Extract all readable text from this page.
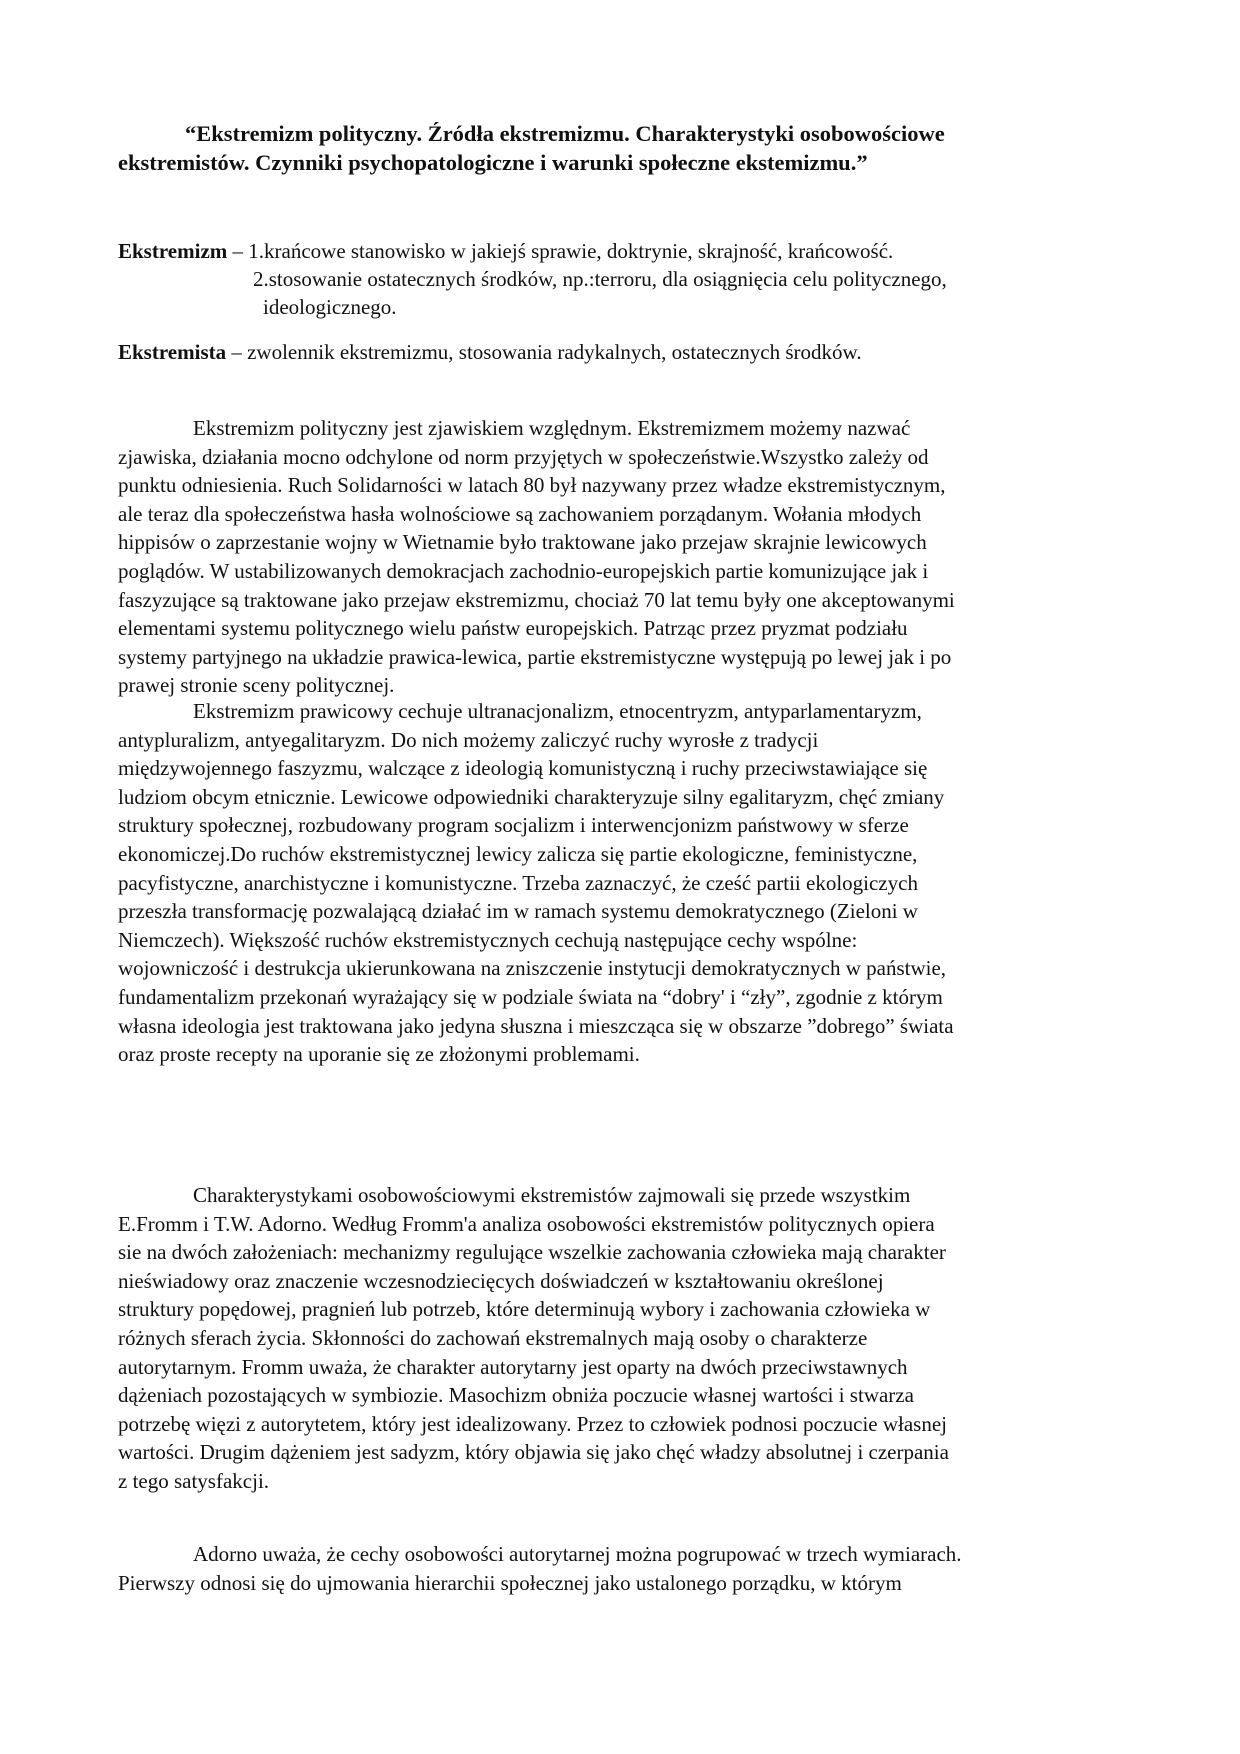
“Ekstremizm polityczny. Źródła ekstremizmu. Charakterystyki osobowościowe
ekstremistów. Czynniki psychopatologiczne i warunki społeczne ekstemizmu.”
Ekstremizm – 1.krańcowe stanowisko w jakiejś sprawie, doktrynie, skrajność, krańcowość.
2.stosowanie ostatecznych środków, np.:terroru, dla osiągnięcia celu politycznego,
ideologicznego.
Ekstremista – zwolennik ekstremizmu, stosowania radykalnych, ostatecznych środków.
Ekstremizm polityczny jest zjawiskiem względnym. Ekstremizmem możemy nazwać
zjawiska, działania mocno odchylone od norm przyjętych w społeczeństwie.Wszystko zależy od
punktu odniesienia. Ruch Solidarności w latach 80 był nazywany przez władze ekstremistycznym,
ale teraz dla społeczeństwa hasła wolnościowe są zachowaniem porządanym. Wołania młodych
hippisów o zaprzestanie wojny w Wietnamie było traktowane jako przejaw skrajnie lewicowych
poglądów. W ustabilizowanych demokracjach zachodnio-europejskich partie komunizujące jak i
faszyzujące są traktowane jako przejaw ekstremizmu, chociaż 70 lat temu były one akceptowanymi
elementami systemu politycznego wielu państw europejskich. Patrząc przez pryzmat podziału
systemy partyjnego na układzie prawica-lewica, partie ekstremistyczne występują po lewej jak i po
prawej stronie sceny politycznej.
Ekstremizm prawicowy cechuje ultranacjonalizm, etnocentryzm, antyparlamentaryzm,
antypluralizm, antyegalitaryzm. Do nich możemy zaliczyć ruchy wyrosłe z tradycji
międzywojennego faszyzmu, walczące z ideologią komunistyczną i ruchy przeciwstawiające się
ludziom obcym etnicznie. Lewicowe odpowiedniki charakteryzuje silny egalitaryzm, chęć zmiany
struktury społecznej, rozbudowany program socjalizm i interwencjonizm państwowy w sferze
ekonomiczej.Do ruchów ekstremistycznej lewicy zalicza się partie ekologiczne, feministyczne,
pacyfistyczne, anarchistyczne i komunistyczne. Trzeba zaznaczyć, że cześć partii ekologiczych
przeszła transformację pozwalającą działać im w ramach systemu demokratycznego (Zieloni w
Niemczech). Większość ruchów ekstremistycznych cechują następujące cechy wspólne:
wojowniczość i destrukcja ukierunkowana na zniszczenie instytucji demokratycznych w państwie,
fundamentalizm przekonań wyrażający się w podziale świata na “dobry' i “zły”, zgodnie z którym
własna ideologia jest traktowana jako jedyna słuszna i mieszcząca się w obszarze ”dobrego” świata
oraz proste recepty na uporanie się ze złożonymi problemami.
Charakterystykami osobowościowymi ekstremistów zajmowali się przede wszystkim
E.Fromm i T.W. Adorno. Według Fromm'a analiza osobowości ekstremistów politycznych opiera
sie na dwóch założeniach: mechanizmy regulujące wszelkie zachowania człowieka mają charakter
nieświadowy oraz znaczenie wczesnodziecięcych doświadczeń w kształtowaniu określonej
struktury popędowej, pragnień lub potrzeb, które determinują wybory i zachowania człowieka w
różnych sferach życia. Skłonności do zachowań ekstremalnych mają osoby o charakterze
autorytarnym. Fromm uważa, że charakter autorytarny jest oparty na dwóch przeciwstawnych
dążeniach pozostających w symbiozie. Masochizm obniża poczucie własnej wartości i stwarza
potrzebę więzi z autorytetem, który jest idealizowany. Przez to człowiek podnosi poczucie własnej
wartości. Drugim dążeniem jest sadyzm, który objawia się jako chęć władzy absolutnej i czerpania
z tego satysfakcji.
Adorno uważa, że cechy osobowości autorytarnej można pogrupować w trzech wymiarach.
Pierwszy odnosi się do ujmowania hierarchii społecznej jako ustalonego porządku, w którym
